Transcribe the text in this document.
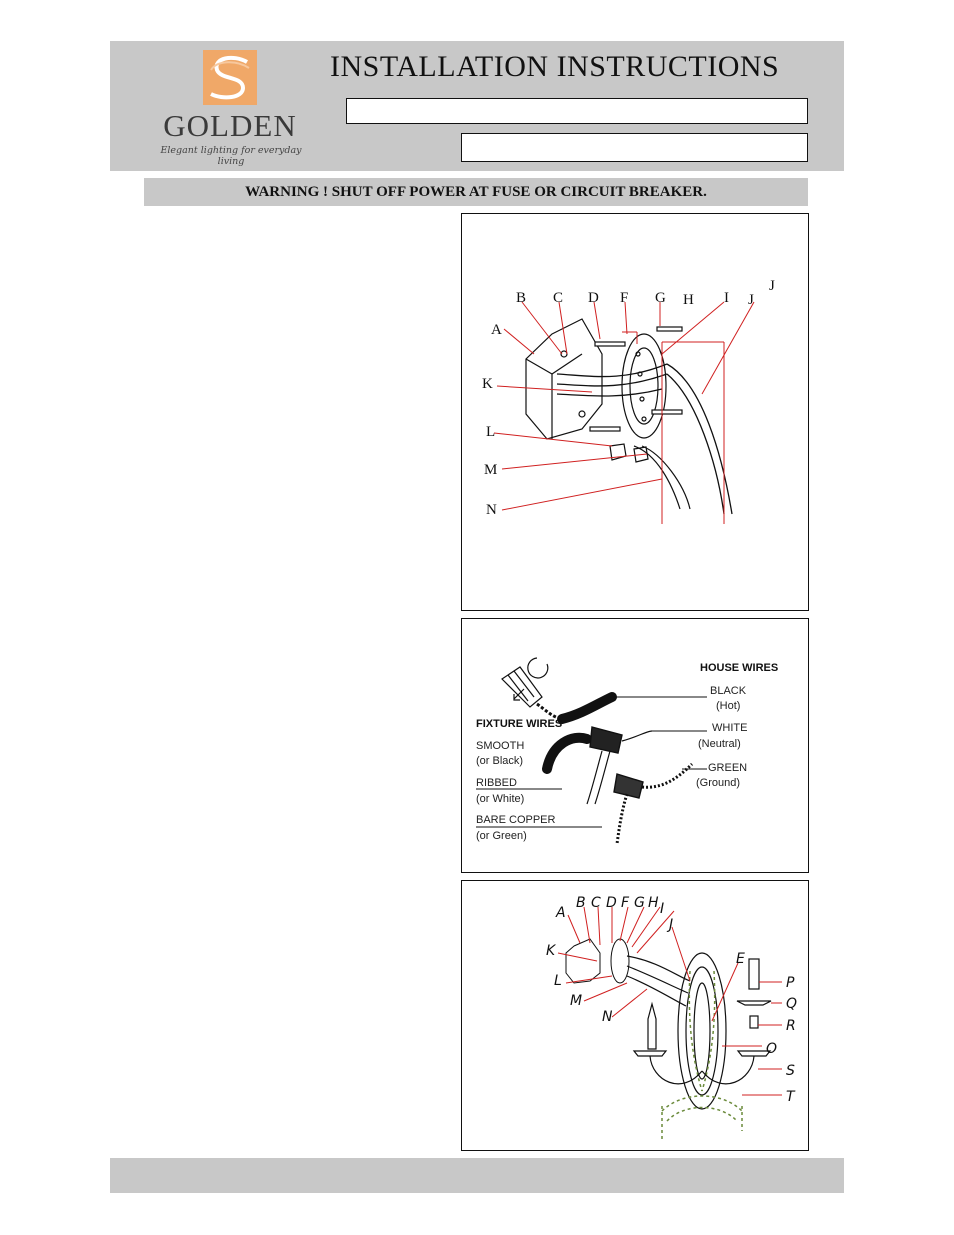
GOLDEN
Elegant lighting for everyday living
INSTALLATION INSTRUCTIONS
WARNING ! SHUT OFF POWER AT FUSE OR CIRCUIT BREAKER.
A
B C D F G H I
J
J
K
L
M
N
HOUSE WIRES
BLACK
(Hot)
WHITE
(Neutral)
GREEN
(Ground)
FIXTURE WIRES
SMOOTH
(or Black)
RIBBED
(or White)
BARE COPPER
(or Green)
A
B C D F G H I
J
K
L
M
N
E
P
Q
R
O
S
T
